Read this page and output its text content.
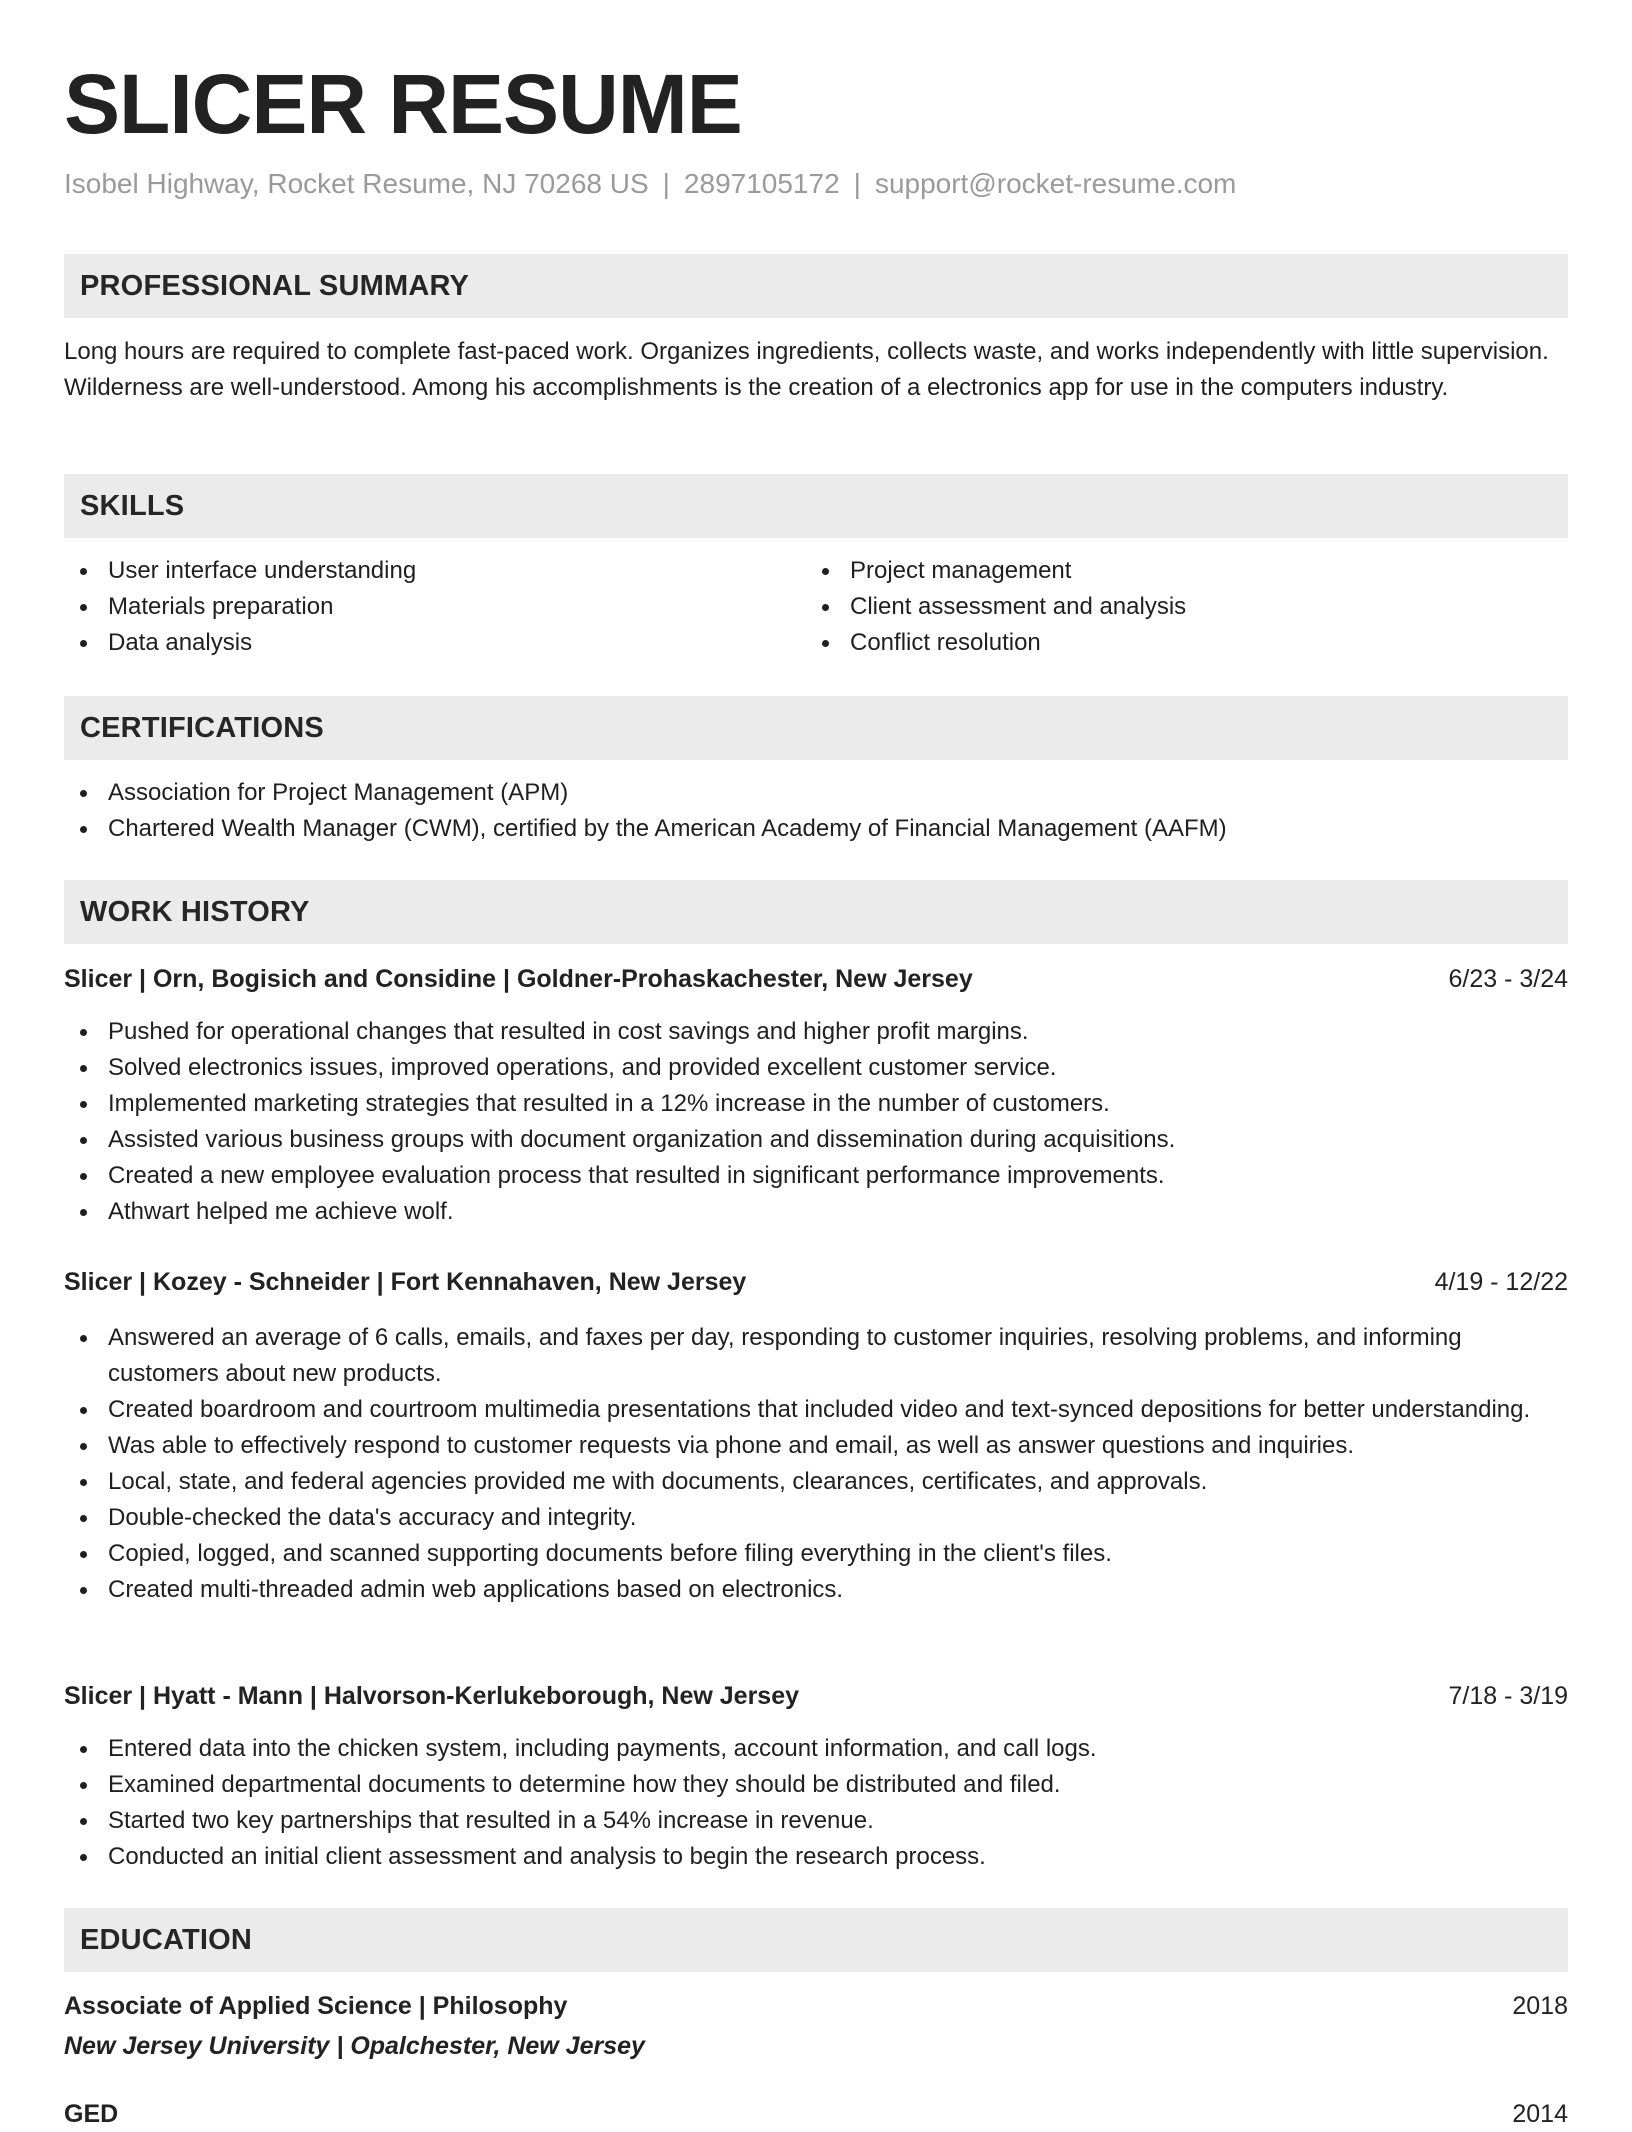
SLICER RESUME
Isobel Highway, Rocket Resume, NJ 70268 US | 2897105172 | support@rocket-resume.com
PROFESSIONAL SUMMARY
Long hours are required to complete fast-paced work. Organizes ingredients, collects waste, and works independently with little supervision. Wilderness are well-understood. Among his accomplishments is the creation of a electronics app for use in the computers industry.
SKILLS
User interface understanding
Materials preparation
Data analysis
Project management
Client assessment and analysis
Conflict resolution
CERTIFICATIONS
Association for Project Management (APM)
Chartered Wealth Manager (CWM), certified by the American Academy of Financial Management (AAFM)
WORK HISTORY
Slicer | Orn, Bogisich and Considine | Goldner-Prohaskachester, New Jersey	6/23 - 3/24
Pushed for operational changes that resulted in cost savings and higher profit margins.
Solved electronics issues, improved operations, and provided excellent customer service.
Implemented marketing strategies that resulted in a 12% increase in the number of customers.
Assisted various business groups with document organization and dissemination during acquisitions.
Created a new employee evaluation process that resulted in significant performance improvements.
Athwart helped me achieve wolf.
Slicer | Kozey - Schneider | Fort Kennahaven, New Jersey	4/19 - 12/22
Answered an average of 6 calls, emails, and faxes per day, responding to customer inquiries, resolving problems, and informing customers about new products.
Created boardroom and courtroom multimedia presentations that included video and text-synced depositions for better understanding.
Was able to effectively respond to customer requests via phone and email, as well as answer questions and inquiries.
Local, state, and federal agencies provided me with documents, clearances, certificates, and approvals.
Double-checked the data's accuracy and integrity.
Copied, logged, and scanned supporting documents before filing everything in the client's files.
Created multi-threaded admin web applications based on electronics.
Slicer | Hyatt - Mann | Halvorson-Kerlukeborough, New Jersey	7/18 - 3/19
Entered data into the chicken system, including payments, account information, and call logs.
Examined departmental documents to determine how they should be distributed and filed.
Started two key partnerships that resulted in a 54% increase in revenue.
Conducted an initial client assessment and analysis to begin the research process.
EDUCATION
Associate of Applied Science | Philosophy	2018
New Jersey University | Opalchester, New Jersey
GED	2014
